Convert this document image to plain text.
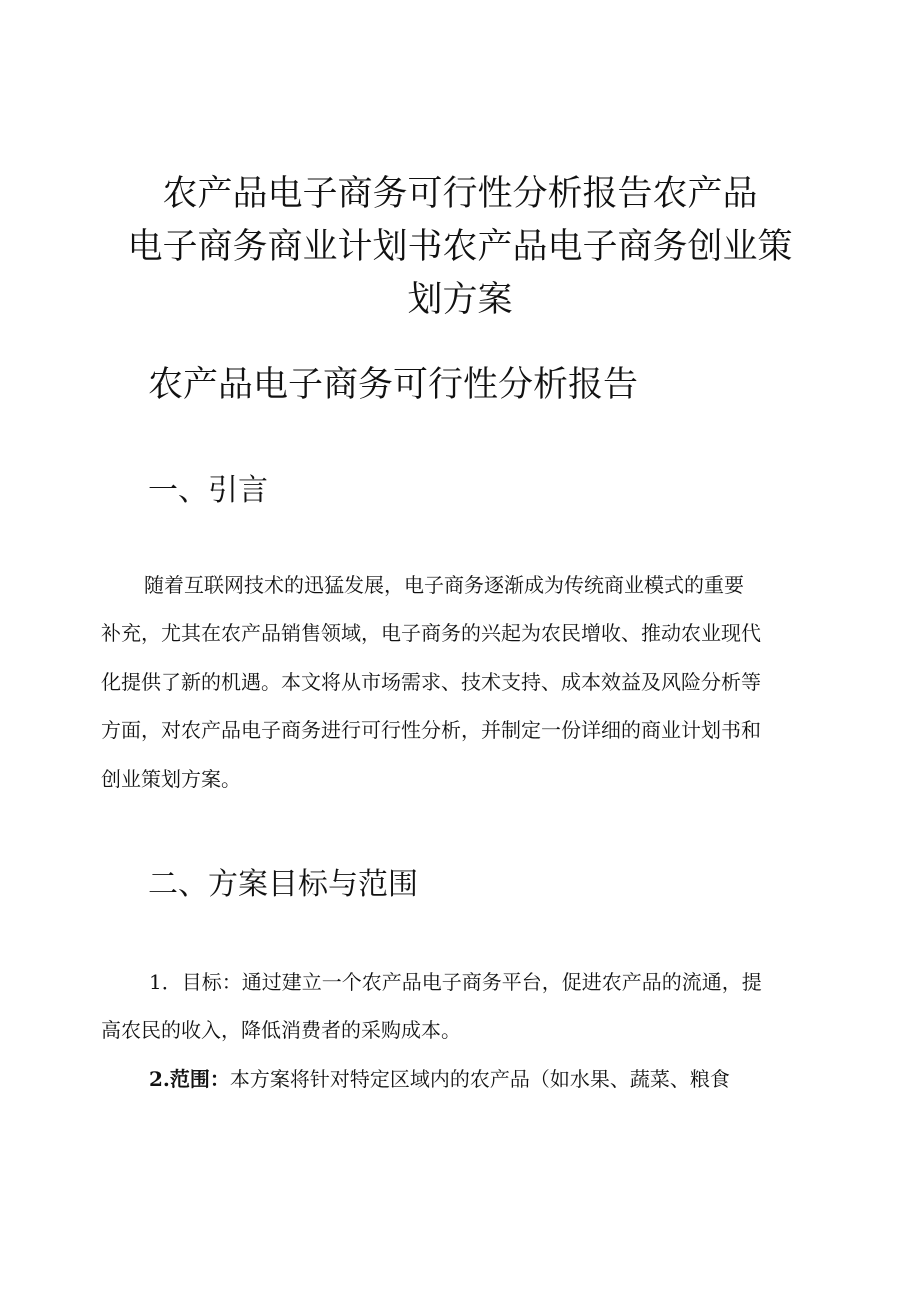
农产品电子商务可行性分析报告农产品
电子商务商业计划书农产品电子商务创业策
划方案
农产品电子商务可行性分析报告
一、引言

随着互联网技术的迅猛发展，电子商务逐渐成为传统商业模式的重要
补充，尤其在农产品销售领域，电子商务的兴起为农民增收、推动农业现代
化提供了新的机遇。本文将从市场需求、技术支持、成本效益及风险分析等
方面，对农产品电子商务进行可行性分析，并制定一份详细的商业计划书和
创业策划方案。

二、方案目标与范围

1．目标：通过建立一个农产品电子商务平台，促进农产品的流通，提
高农民的收入，降低消费者的采购成本。

2.范围：本方案将针对特定区域内的农产品（如水果、蔬菜、粮食
